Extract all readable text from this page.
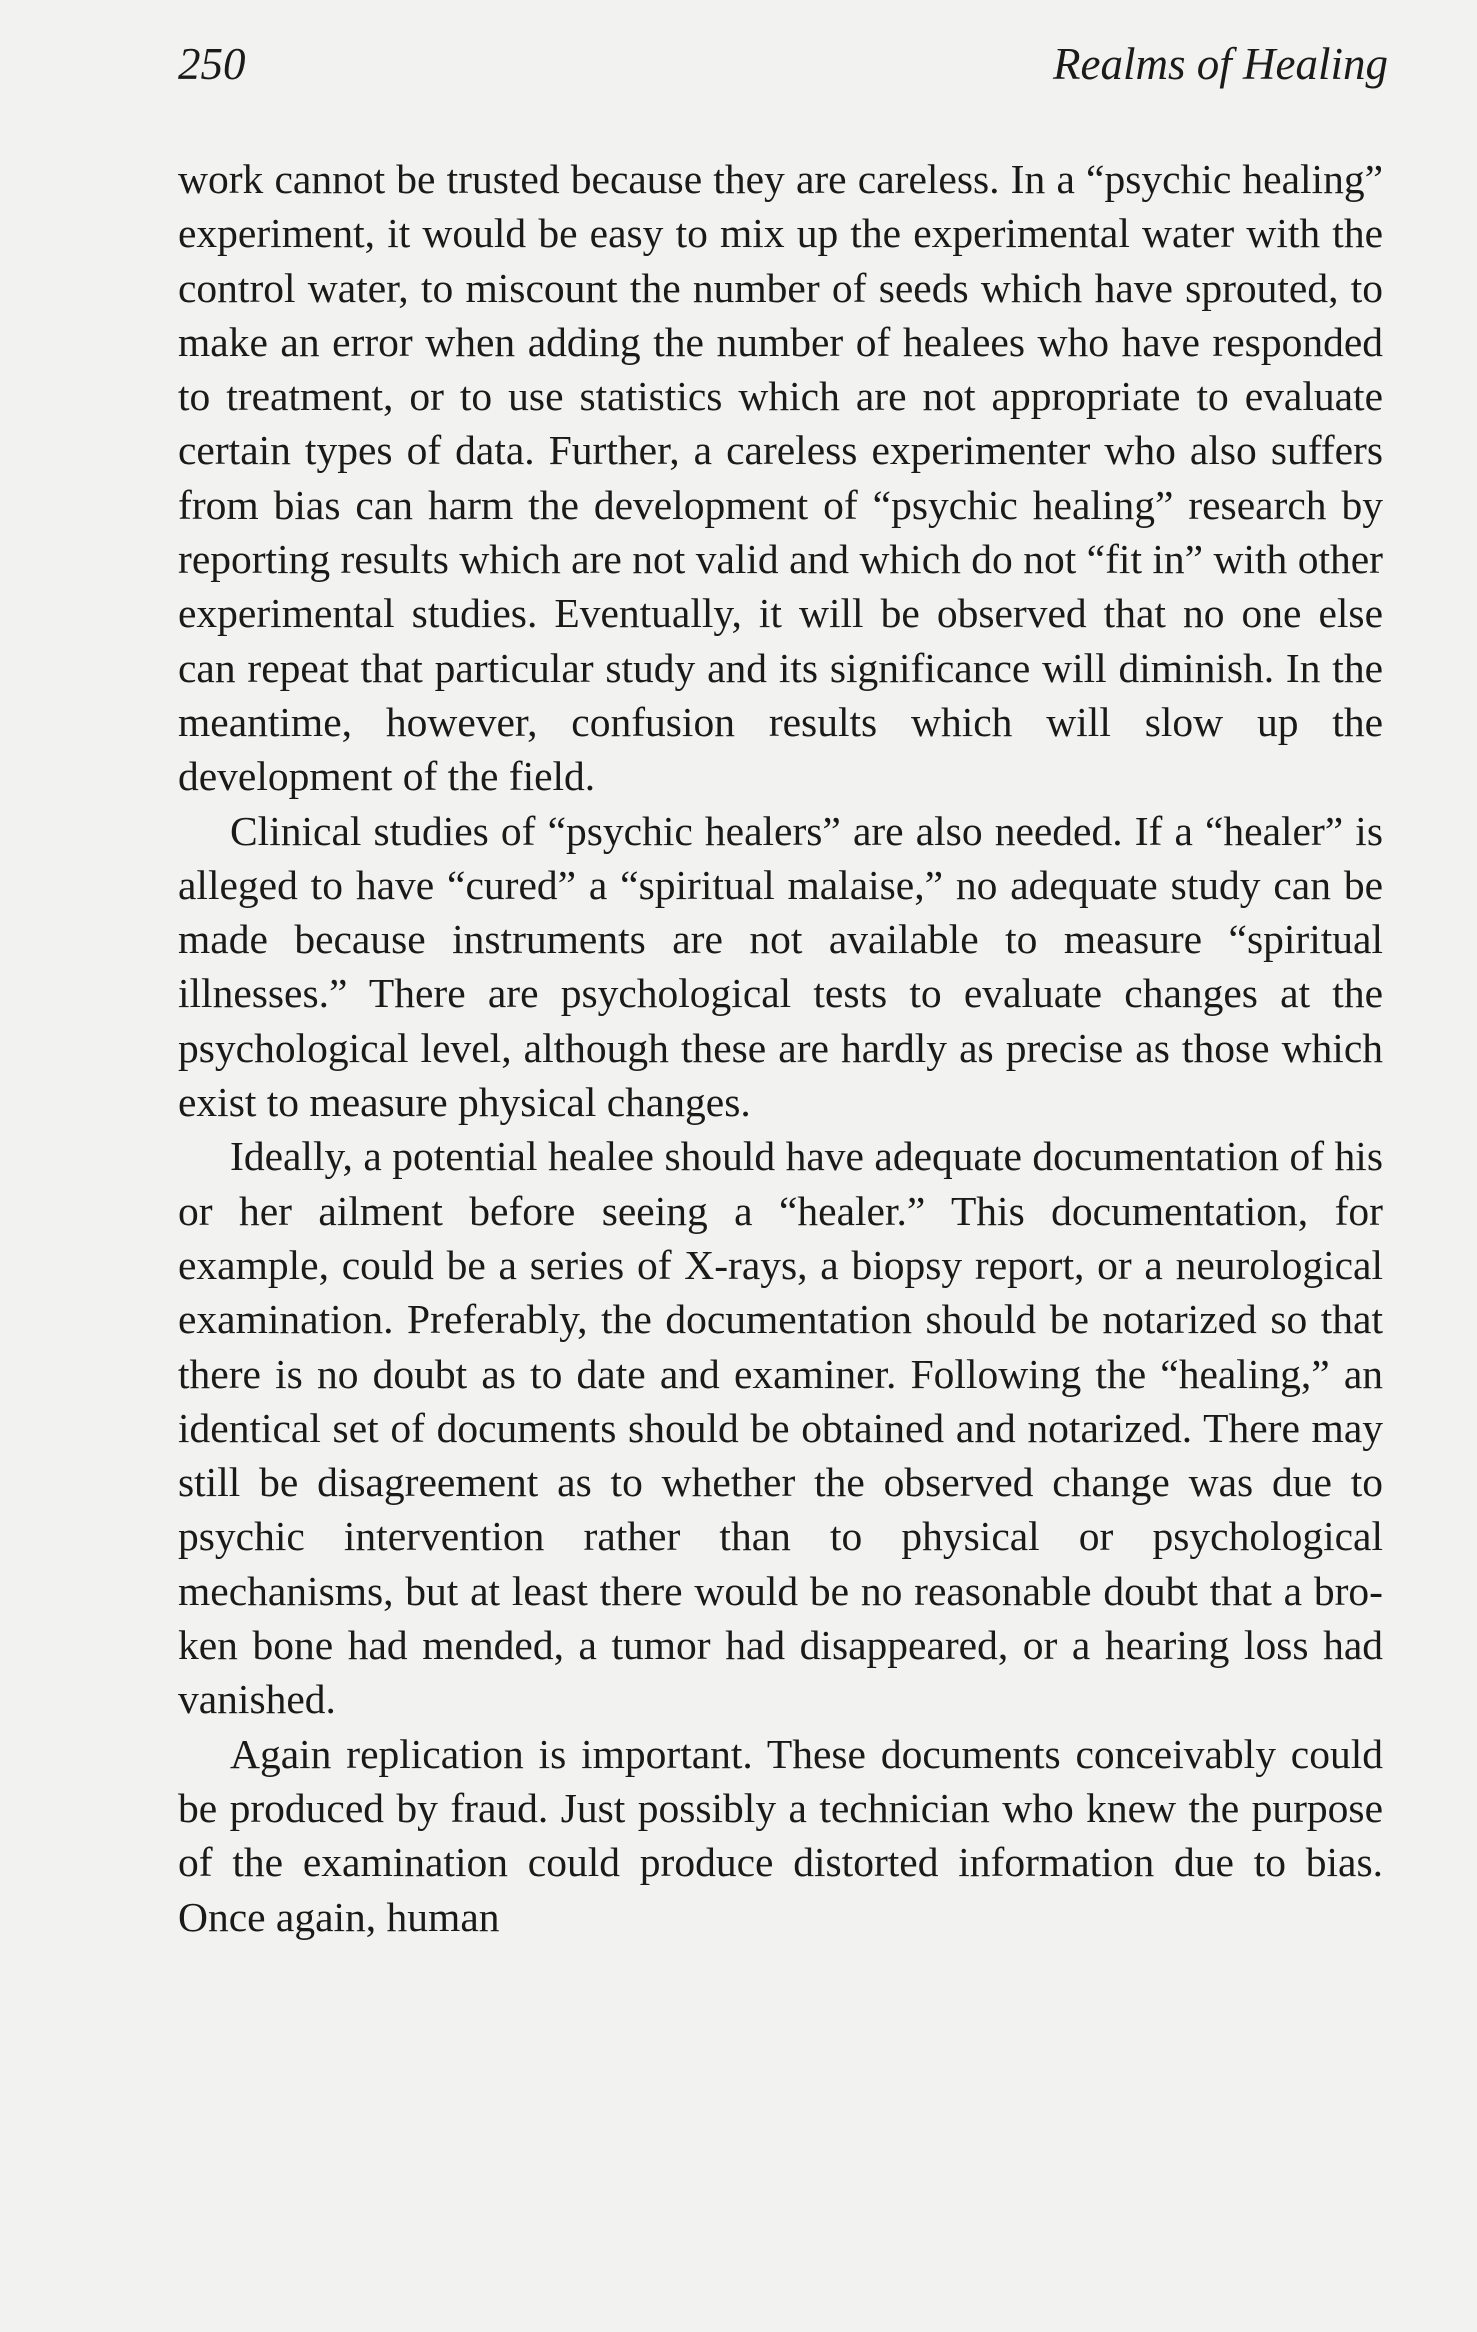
250	Realms of Healing

work cannot be trusted because they are careless. In a “psychic healing” experiment, it would be easy to mix up the experimental water with the control water, to miscount the number of seeds which have sprouted, to make an error when adding the number of healees who have responded to treatment, or to use statistics which are not appropriate to evaluate certain types of data. Further, a careless experimenter who also suffers from bias can harm the development of “psychic healing” research by reporting results which are not valid and which do not “fit in” with other experimental studies. Eventually, it will be observed that no one else can repeat that particular study and its significance will diminish. In the meantime, however, confusion results which will slow up the development of the field.

Clinical studies of “psychic healers” are also needed. If a “healer” is alleged to have “cured” a “spiritual malaise,” no adequate study can be made because instruments are not available to measure “spiritual illnesses.” There are psychological tests to evaluate changes at the psychological level, although these are hardly as precise as those which exist to measure physical changes.

Ideally, a potential healee should have adequate documentation of his or her ailment before seeing a “healer.” This documentation, for example, could be a series of X-rays, a biopsy report, or a neurological examination. Preferably, the documentation should be notarized so that there is no doubt as to date and examiner. Following the “healing,” an identical set of documents should be obtained and notarized. There may still be disagreement as to whether the observed change was due to psychic intervention rather than to physical or psychological mechanisms, but at least there would be no reasonable doubt that a broken bone had mended, a tumor had disappeared, or a hearing loss had vanished.

Again replication is important. These documents conceivably could be produced by fraud. Just possibly a technician who knew the purpose of the examination could produce distorted information due to bias. Once again, human
